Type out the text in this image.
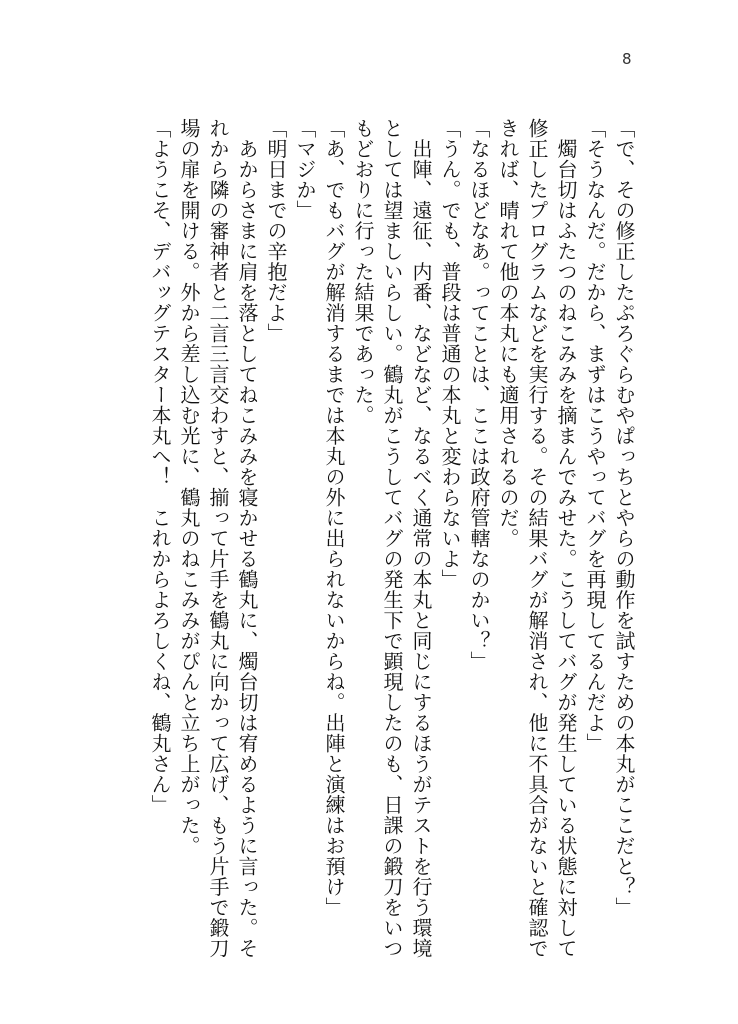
8

「で、その修正したぷろぐらむやぱっちとやらの動作を試すための本丸がここだと？」

「そうなんだ。だから、まずはこうやってバグを再現してるんだよ」

　燭台切はふたつのねこみみを摘まんでみせた。こうしてバグが発生している状態に対して

修正したプログラムなどを実行する。その結果バグが解消され、他に不具合がないと確認で

きれば、晴れて他の本丸にも適用されるのだ。

「なるほどなあ。ってことは、ここは政府管轄なのかい？」

「うん。でも、普段は普通の本丸と変わらないよ」

　出陣、遠征、内番、などなど、なるべく通常の本丸と同じにするほうがテストを行う環境

としては望ましいらしい。鶴丸がこうしてバグの発生下で顕現したのも、日課の鍛刀をいつ

もどおりに行った結果であった。

「あ、でもバグが解消するまでは本丸の外に出られないからね。出陣と演練はお預け」

「マジか」

「明日までの辛抱だよ」

　あからさまに肩を落としてねこみみを寝かせる鶴丸に、燭台切は宥めるように言った。そ

れから隣の審神者と二言三言交わすと、揃って片手を鶴丸に向かって広げ、もう片手で鍛刀

場の扉を開ける。外から差し込む光に、鶴丸のねこみみがぴんと立ち上がった。

「ようこそ、デバッグテスター本丸へ！　これからよろしくね、鶴丸さん」
